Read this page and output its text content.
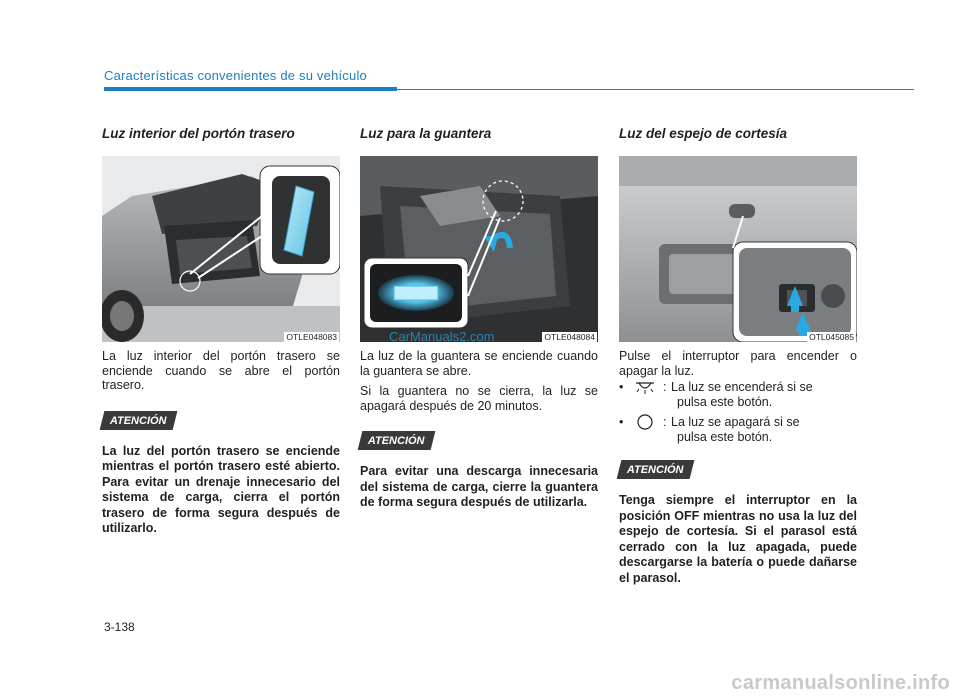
Características convenientes de su vehículo

Luz interior del portón trasero

OTLE048083

La luz interior del portón trasero se enciende cuando se abre el portón trasero.

ATENCIÓN

La luz del portón trasero se enciende mientras el portón trasero esté abierto. Para evitar un drenaje innecesario del sistema de carga, cierra el portón trasero de forma segura después de utilizarlo.

Luz para la guantera

OTLE048084

La luz de la guantera se enciende cuando la guantera se abre.

Si la guantera no se cierra, la luz se apagará después de 20 minutos.

ATENCIÓN

Para evitar una descarga innecesaria del sistema de carga, cierre la guantera de forma segura después de utilizarla.

Luz del espejo de cortesía

OTL045085

Pulse el interruptor para encender o apagar la luz.

•	: La luz se encenderá si se
pulsa este botón.
•	: La luz se apagará si se
pulsa este botón.
ATENCIÓN

Tenga siempre el interruptor en la posición OFF mientras no usa la luz del espejo de cortesía. Si el parasol está cerrado con la luz apagada, puede descargarse la batería o puede dañarse el parasol.

CarManuals2.com
3-138
carmanualsonline.info
